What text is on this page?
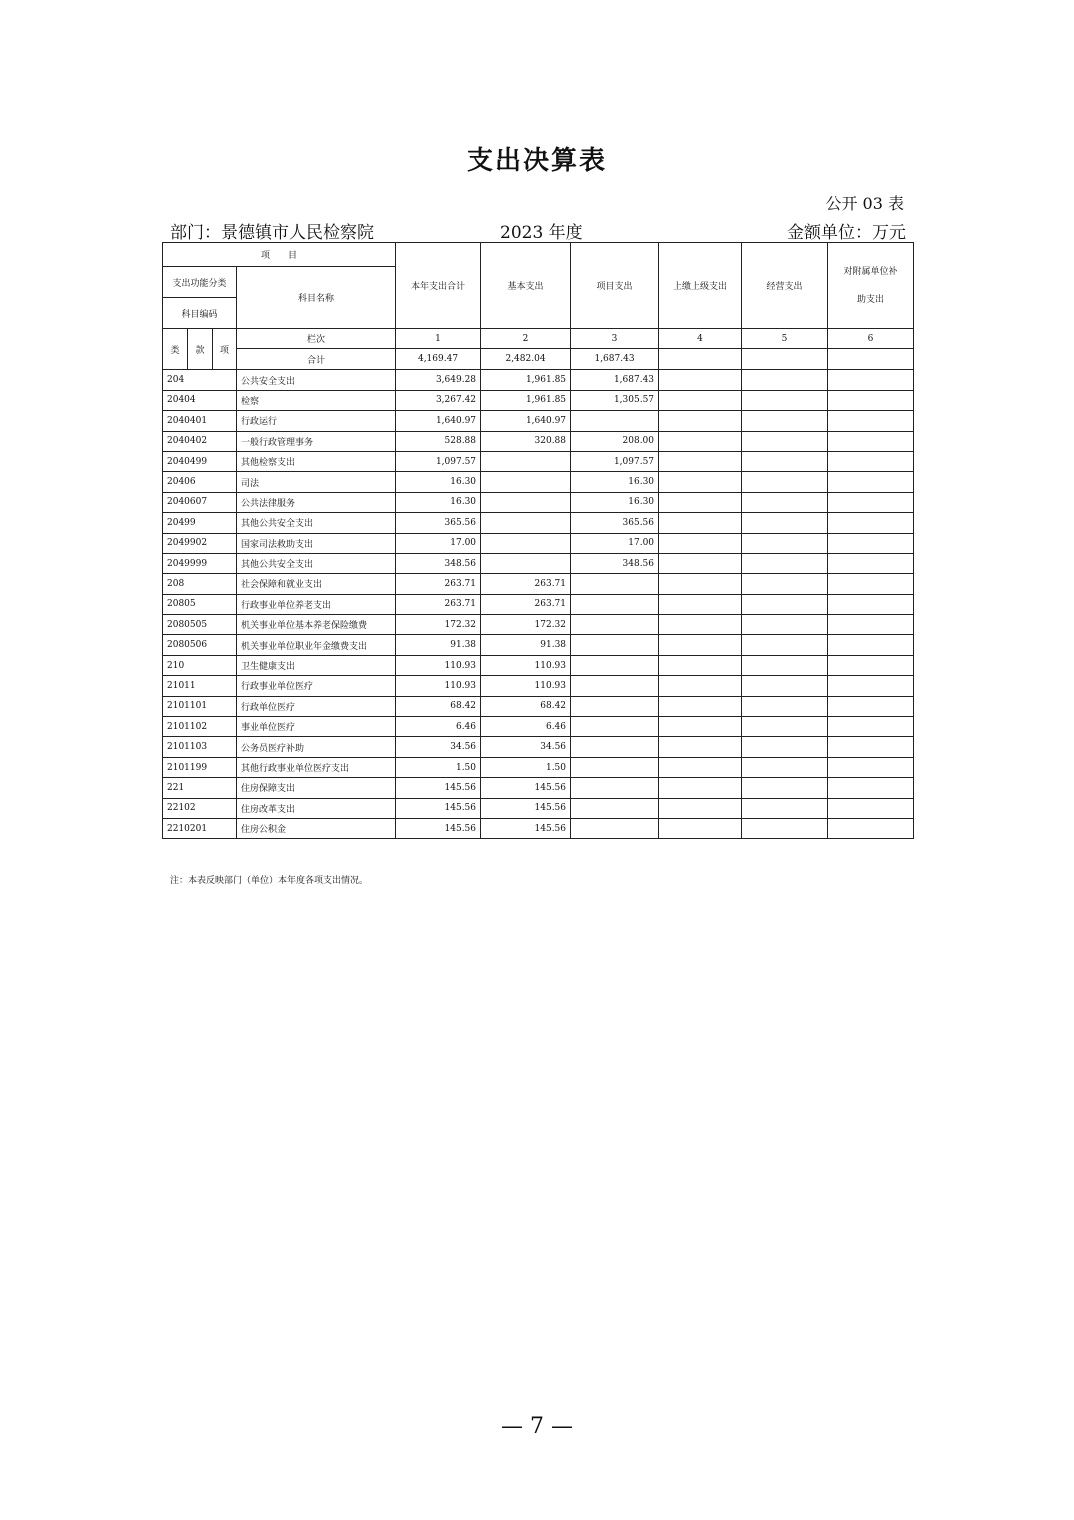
支出决算表
公开 03 表
部门：景德镇市人民检察院	2023 年度	金额单位：万元
项　　目				本年支出合计	基本支出	项目支出	上缴上级支出	经营支出	对附属单位补
助支出

支出功能分类			科目名称						
科目编码									
类	款	项	栏次	1	2	3	4	5	6
			合计	4,169.47	2,482.04	1,687.43			
204			公共安全支出	3,649.28	1,961.85	1,687.43			
20404			检察	3,267.42	1,961.85	1,305.57			
2040401			行政运行	1,640.97	1,640.97				
2040402			一般行政管理事务	528.88	320.88	208.00			
2040499			其他检察支出	1,097.57		1,097.57			
20406			司法	16.30		16.30			
2040607			公共法律服务	16.30		16.30			
20499			其他公共安全支出	365.56		365.56			
2049902			国家司法救助支出	17.00		17.00			
2049999			其他公共安全支出	348.56		348.56			
208			社会保障和就业支出	263.71	263.71				
20805			行政事业单位养老支出	263.71	263.71				
2080505			机关事业单位基本养老保险缴费	172.32	172.32				
2080506			机关事业单位职业年金缴费支出	91.38	91.38				
210			卫生健康支出	110.93	110.93				
21011			行政事业单位医疗	110.93	110.93				
2101101			行政单位医疗	68.42	68.42				
2101102			事业单位医疗	6.46	6.46				
2101103			公务员医疗补助	34.56	34.56				
2101199			其他行政事业单位医疗支出	1.50	1.50				
221			住房保障支出	145.56	145.56				
22102			住房改革支出	145.56	145.56				
2210201			住房公积金	145.56	145.56				
注：本表反映部门（单位）本年度各项支出情况。
— 7 —
